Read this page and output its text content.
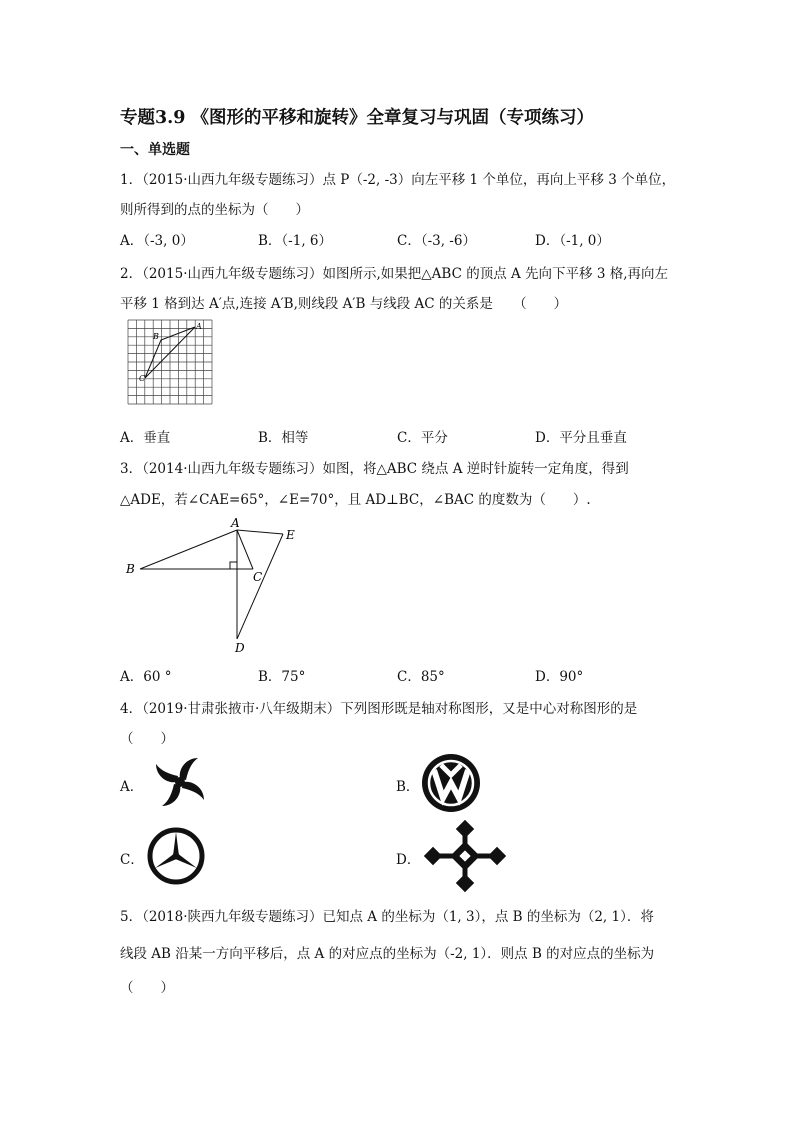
专题3.9 《图形的平移和旋转》全章复习与巩固（专项练习）
一、单选题
1．（2015·山西九年级专题练习）点 P（-2, -3）向左平移 1 个单位，再向上平移 3 个单位，
则所得到的点的坐标为（　　）
A．（-3, 0）	B．（-1, 6）	C．（-3, -6）	D．（-1, 0）
2．（2015·山西九年级专题练习）如图所示,如果把△ABC 的顶点 A 先向下平移 3 格,再向左
平移 1 格到达 A′点,连接 A′B,则线段 A′B 与线段 AC 的关系是　　（　　）
A
B
C
A．垂直	B．相等	C．平分	D．平分且垂直
3．（2014·山西九年级专题练习）如图，将△ABC 绕点 A 逆时针旋转一定角度，得到
△ADE，若∠CAE=65°，∠E=70°，且 AD⊥BC，∠BAC 的度数为（　　）.
A
E
B
C
D
A．60 °	B．75°	C．85°	D．90°
4．（2019·甘肃张掖市·八年级期末）下列图形既是轴对称图形，又是中心对称图形的是
（　　）
A．	B．
C．	D．
5．（2018·陕西九年级专题练习）已知点 A 的坐标为（1, 3），点 B 的坐标为（2, 1）．将
线段 AB 沿某一方向平移后，点 A 的对应点的坐标为（-2, 1）．则点 B 的对应点的坐标为
（　　）
